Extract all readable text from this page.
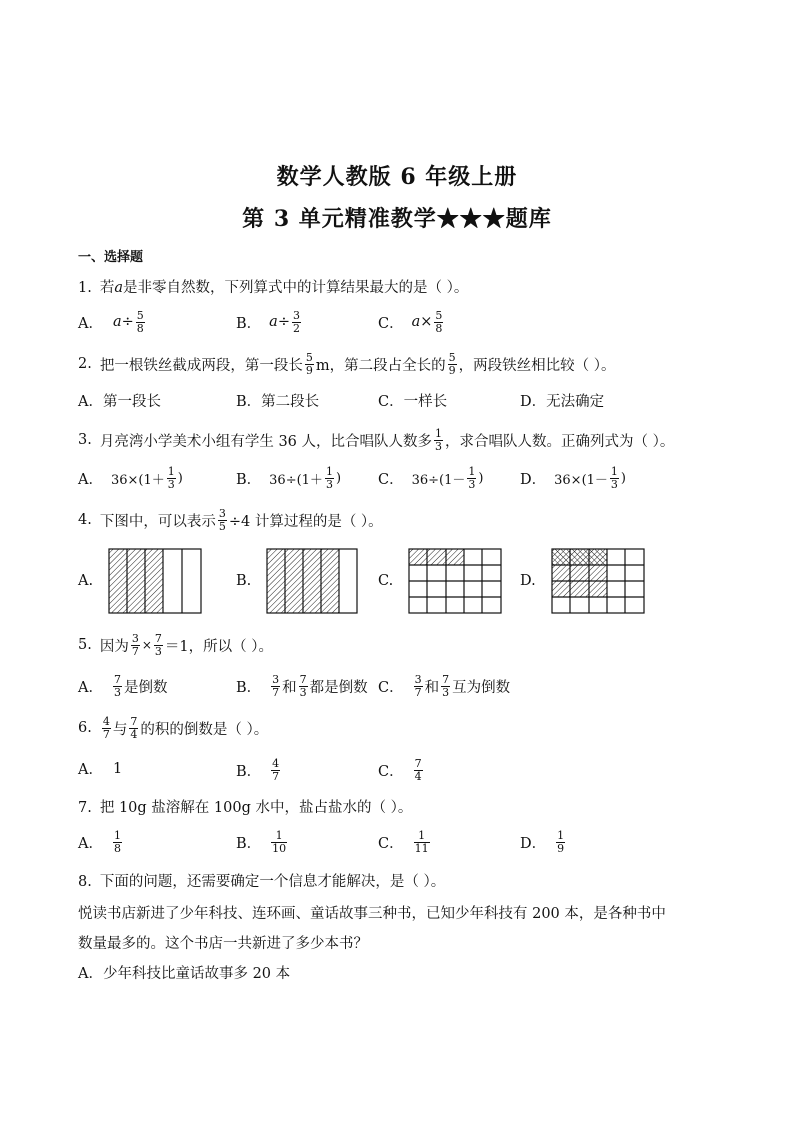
数学人教版 6 年级上册
第 3 单元精准教学★★★题库
一、选择题
1. 若a是非零自然数，下列算式中的计算结果最大的是（ ）。
A． $a \div \frac{5}{8}$	B． $a \div \frac{3}{2}$	C． $a \times \frac{5}{8}$
2. 把一根铁丝截成两段，第一段长 $\frac{5}{9}$ m，第二段占全长的 $\frac{5}{9}$ ，两段铁丝相比较（ ）。
A．第一段长	B．第二段长	C．一样长	D．无法确定
3. 月亮湾小学美术小组有学生 36 人，比合唱队人数多 $\frac{1}{3}$ ，求合唱队人数。正确列式为（ ）。
A． $36\times(1+ \frac{1}{3}$ )	B． $36\div(1+ \frac{1}{3}$ )	C． $36\div(1- \frac{1}{3}$ )	D． $36\times(1- \frac{1}{3}$ )
4. 下图中，可以表示 $\frac{3}{5} \div 4$ 计算过程的是（ ）。
A.	B.	C.	D.
5. 因为 $\frac{3}{7} \times \frac{7}{3} =1$，所以（ ）。
A． $\frac{7}{3}$ 是倒数	B． $\frac{3}{7}$ 和 $\frac{7}{3}$ 都是倒数 C． $\frac{3}{7}$ 和 $\frac{7}{3}$ 互为倒数
6. $\frac{4}{7}$ 与 $\frac{7}{4}$ 的积的倒数是（ ）。
A． 1	B． $\frac{4}{7}$	C． $\frac{7}{4}$
7. 把 10g 盐溶解在 100g 水中，盐占盐水的（ ）。
A． $\frac{1}{8}$	B． $\frac{1}{10}$	C． $\frac{1}{11}$	D． $\frac{1}{9}$
8. 下面的问题，还需要确定一个信息才能解决，是（ ）。
悦读书店新进了少年科技、连环画、童话故事三种书，已知少年科技有 200 本，是各种书中
数量最多的。这个书店一共新进了多少本书？
A．少年科技比童话故事多 20 本
